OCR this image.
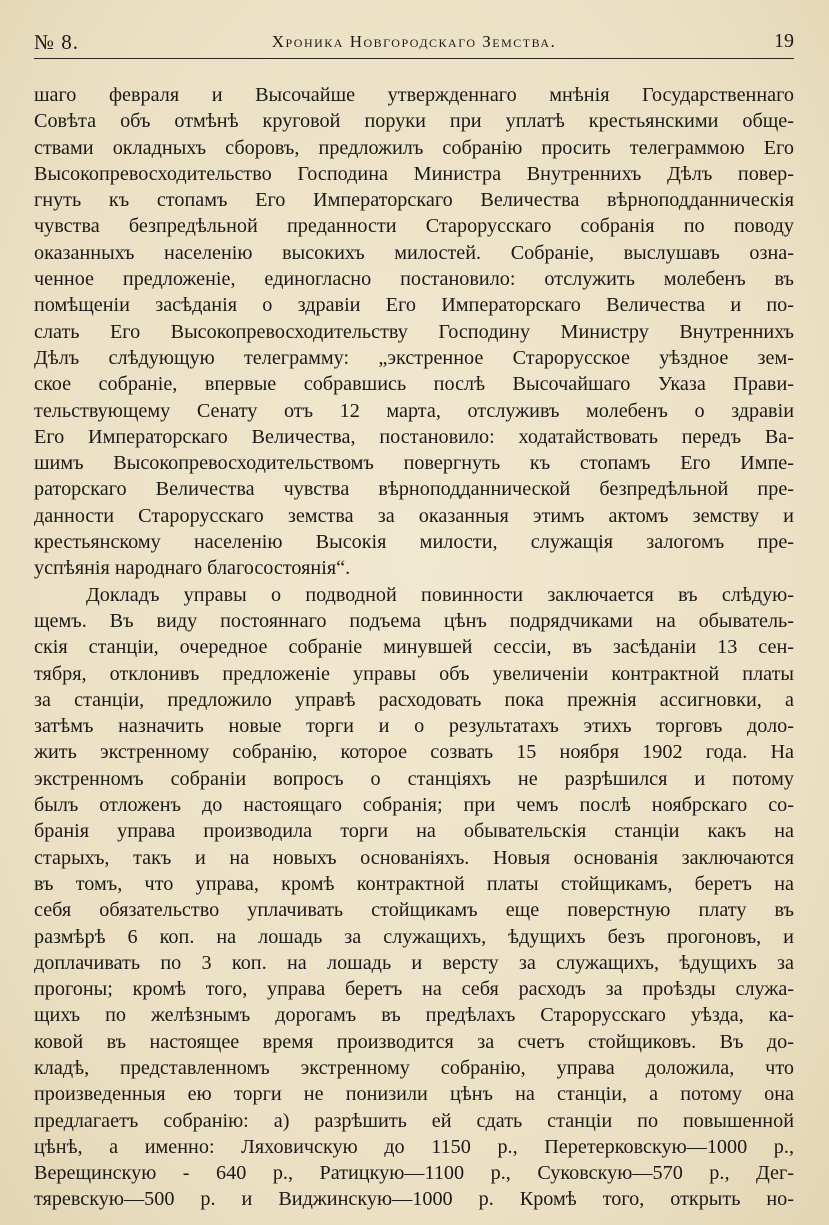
№ 8.	Хроника Новгородскаго Земства.	19
шаго февраля и Высочайше утвержденнаго мнѣнія Государственнаго
Совѣта объ отмѣнѣ круговой поруки при уплатѣ крестьянскими обще-
ствами окладныхъ сборовъ, предложилъ собранію просить телеграммою Его
Высокопревосходительство Господина Министра Внутреннихъ Дѣлъ повер-
гнуть къ стопамъ Его Императорскаго Величества вѣрноподданническія
чувства безпредѣльной преданности Старорусскаго собранія по поводу
оказанныхъ населенію высокихъ милостей. Собраніе, выслушавъ озна-
ченное предложеніе, единогласно постановило: отслужить молебенъ въ
помѣщеніи засѣданія о здравіи Его Императорскаго Величества и по-
слать Его Высокопревосходительству Господину Министру Внутреннихъ
Дѣлъ слѣдующую телеграмму: „экстренное Старорусское уѣздное зем-
ское собраніе, впервые собравшись послѣ Высочайшаго Указа Прави-
тельствующему Сенату отъ 12 марта, отслуживъ молебенъ о здравіи
Его Императорскаго Величества, постановило: ходатайствовать передъ Ва-
шимъ Высокопревосходительствомъ повергнуть къ стопамъ Его Импе-
раторскаго Величества чувства вѣрноподданнической безпредѣльной пре-
данности Старорусскаго земства за оказанныя этимъ актомъ земству и
крестьянскому населенію Высокія милости, служащія залогомъ пре-
успѣянія народнаго благосостоянія“.
Докладъ управы о подводной повинности заключается въ слѣдую-
щемъ. Въ виду постояннаго подъема цѣнъ подрядчиками на обыватель-
скія станціи, очередное собраніе минувшей сессіи, въ засѣданіи 13 сен-
тября, отклонивъ предложеніе управы объ увеличеніи контрактной платы
за станціи, предложило управѣ расходовать пока прежнія ассигновки, а
затѣмъ назначить новые торги и о результатахъ этихъ торговъ доло-
жить экстренному собранію, которое созвать 15 ноября 1902 года. На
экстренномъ собраніи вопросъ о станціяхъ не разрѣшился и потому
былъ отложенъ до настоящаго собранія; при чемъ послѣ ноябрскаго со-
бранія управа производила торги на обывательскія станціи какъ на
старыхъ, такъ и на новыхъ основаніяхъ. Новыя основанія заключаются
въ томъ, что управа, кромѣ контрактной платы стойщикамъ, беретъ на
себя обязательство уплачивать стойщикамъ еще поверстную плату въ
размѣрѣ 6 коп. на лошадь за служащихъ, ѣдущихъ безъ прогоновъ, и
доплачивать по 3 коп. на лошадь и версту за служащихъ, ѣдущихъ за
прогоны; кромѣ того, управа беретъ на себя расходъ за проѣзды служа-
щихъ по желѣзнымъ дорогамъ въ предѣлахъ Старорусскаго уѣзда, ка-
ковой въ настоящее время производится за счетъ стойщиковъ. Въ до-
кладѣ, представленномъ экстренному собранію, управа доложила, что
произведенныя ею торги не понизили цѣнъ на станціи, а потому она
предлагаетъ собранію: а) разрѣшить ей сдать станціи по повышенной
цѣнѣ, а именно: Ляховичскую до 1150 р., Перетерковскую—1000 р.,
Верещинскую - 640 р., Ратицкую—1100 р., Суковскую—570 р., Дег-
тяревскую—500 р. и Виджинскую—1000 р. Кромѣ того, открыть но-
